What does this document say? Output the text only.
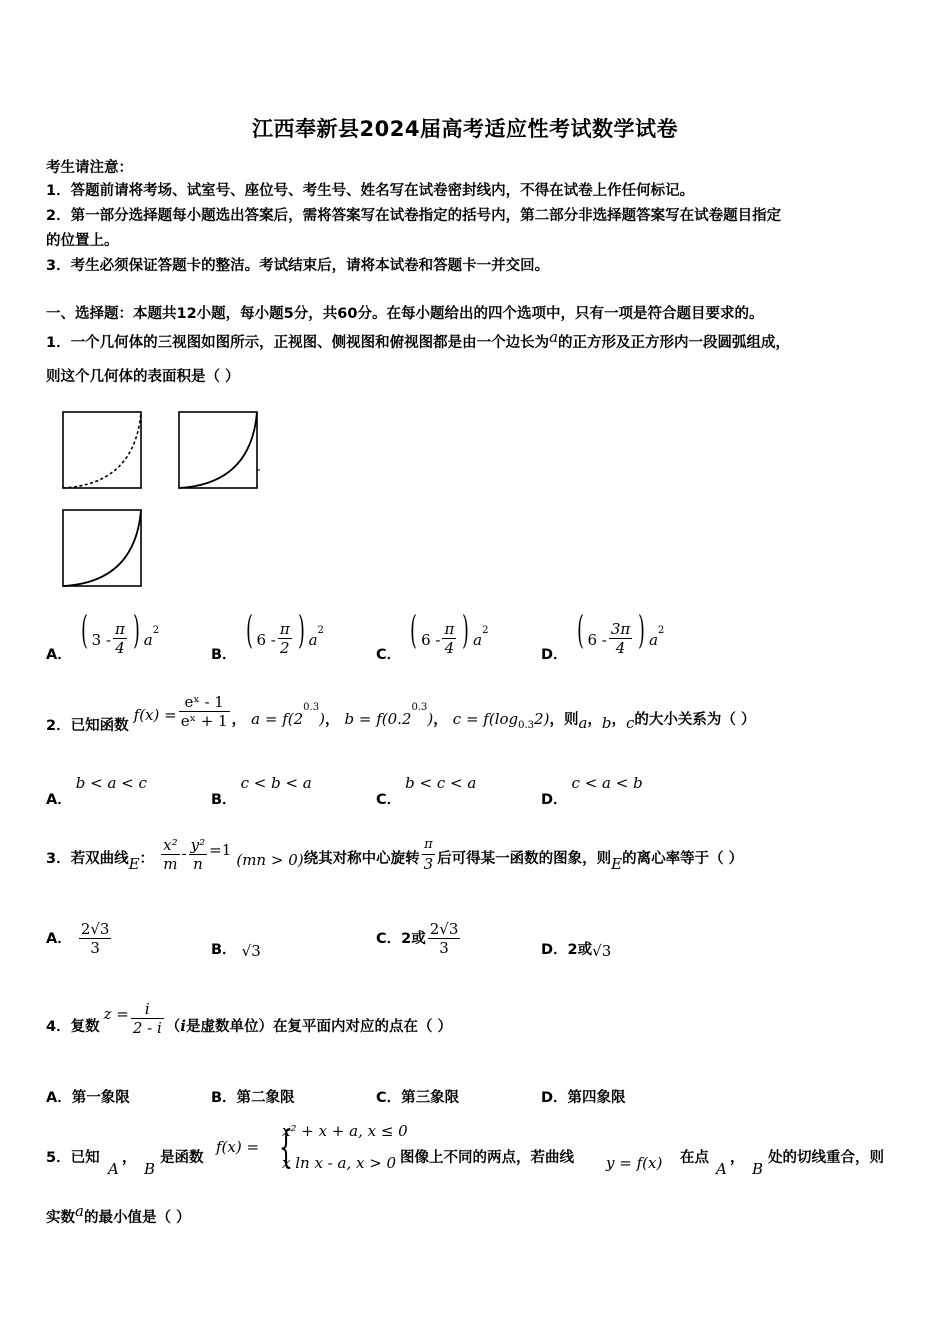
江西奉新县2024届高考适应性考试数学试卷
考生请注意：
1．答题前请将考场、试室号、座位号、考生号、姓名写在试卷密封线内，不得在试卷上作任何标记。
2．第一部分选择题每小题选出答案后，需将答案写在试卷指定的括号内，第二部分非选择题答案写在试卷题目指定
的位置上。
3．考生必须保证答题卡的整洁。考试结束后，请将本试卷和答题卡一并交回。
一、选择题：本题共12小题，每小题5分，共60分。在每小题给出的四个选项中，只有一项是符合题目要求的。
1．一个几何体的三视图如图所示，正视图、侧视图和俯视图都是由一个边长为a的正方形及正方形内一段圆弧组成，
则这个几何体的表面积是（ ）
A． ( $3 - \frac{\pi}{4}$ ) $a^2$
B． ( $6 - \frac{\pi}{2}$ ) $a^2$
C． ( $6 - \frac{\pi}{4}$ ) $a^2$
D． ( $6 - \frac{3\pi}{4}$ ) $a^2$
2．已知函数 $f(x) = \frac{\text{eˣ - 1}}{\text{eˣ + 1}}$ ， $a = f(2^{0.3})$， $b = f(0.2^{0.3})$， $c = f(\log_{0.3}2)$，则a，b，c的大小关系为（ ）
A．b < a < c
B．c < b < a
C．b < c < a
D．c < a < b
3．若双曲线E： $\frac{\text{x²}}{m} - \frac{\text{y²}}{n} =1$ (mn > 0)绕其对称中心旋转 $\frac{\pi}{3}$ 后可得某一函数的图象，则E的离心率等于（ ）
A． $\frac{2√3}{3}$	B． √3
C．2或 $\frac{2√3}{3}$	D．2或√3
4．复数$z = \frac{i}{2 - i} (i$是虚数单位）在复平面内对应的点在（ ）
A．第一象限	B．第二象限	C．第三象限	D．第四象限
5．已知
A
，
B
是函数
f(x) = {
x² + x + a, x ≤ 0
x ln x - a, x > 0 图像上不同的两点，若曲线 y = f(x) 在点
A
，
B
处的切线重合，则
实数a的最小值是（ ）
